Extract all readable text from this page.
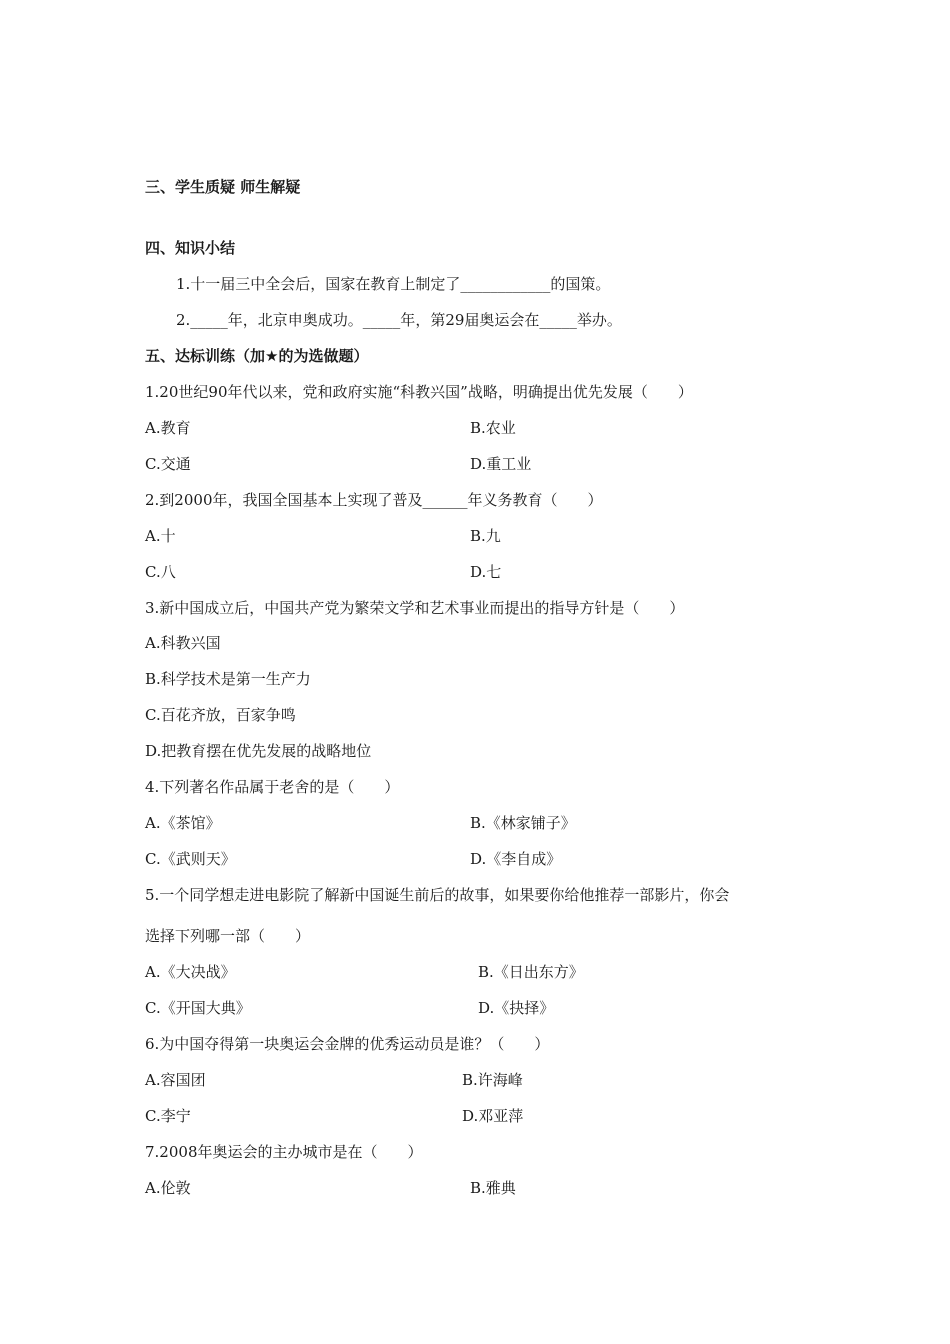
三、学生质疑 师生解疑
四、知识小结
1.十一届三中全会后，国家在教育上制定了____________的国策。
2._____年，北京申奥成功。_____年，第29届奥运会在_____举办。
五、达标训练（加★的为选做题）
1.20世纪90年代以来，党和政府实施“科教兴国”战略，明确提出优先发展（　　）
A.教育	B.农业
C.交通	D.重工业
2.到2000年，我国全国基本上实现了普及______年义务教育（　　）
A.十	B.九
C.八	D.七
3.新中国成立后，中国共产党为繁荣文学和艺术事业而提出的指导方针是（　　）
A.科教兴国
B.科学技术是第一生产力
C.百花齐放，百家争鸣
D.把教育摆在优先发展的战略地位
4.下列著名作品属于老舍的是（　　）
A.《茶馆》	B.《林家铺子》
C.《武则天》	D.《李自成》
5.一个同学想走进电影院了解新中国诞生前后的故事，如果要你给他推荐一部影片，你会
选择下列哪一部（　　）
A.《大决战》	B.《日出东方》
C.《开国大典》	D.《抉择》
6.为中国夺得第一块奥运会金牌的优秀运动员是谁？（　　）
A.容国团	B.许海峰
C.李宁	D.邓亚萍
7.2008年奥运会的主办城市是在（　　）
A.伦敦	B.雅典
